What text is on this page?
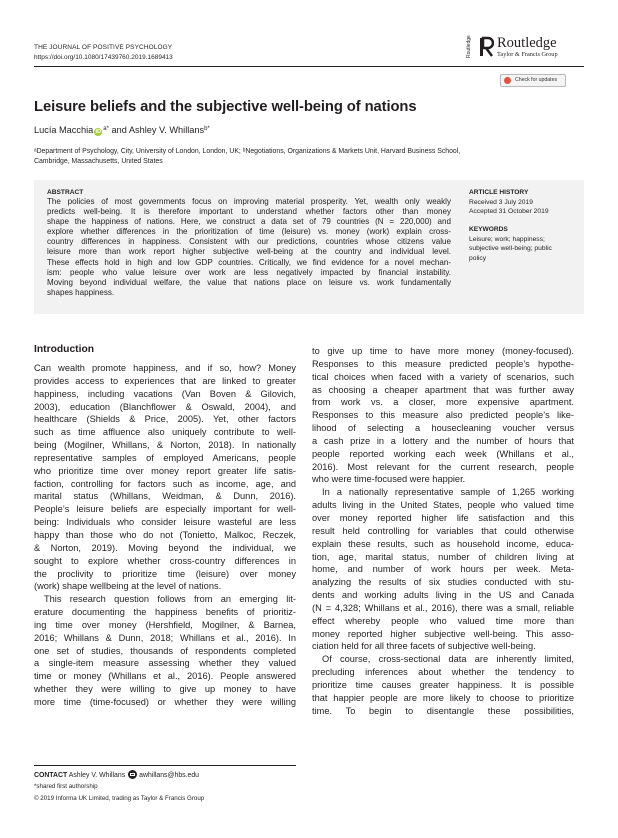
THE JOURNAL OF POSITIVE PSYCHOLOGY
https://doi.org/10.1080/17439760.2019.1689413	Routledge Routledge
Taylor & Francis Group
Check for updates
Leisure beliefs and the subjective well-being of nations
Lucía Macchia iD $^{a*}$ and Ashley V. Whillans$^{b*}$
ᵃDepartment of Psychology, City, University of London, London, UK; ᵇNegotiations, Organizations & Markets Unit, Harvard Business School,
Cambridge, Massachusetts, United States
ABSTRACT
The policies of most governments focus on improving material prosperity. Yet, wealth only weakly
predicts well-being. It is therefore important to understand whether factors other than money
shape the happiness of nations. Here, we construct a data set of 79 countries (N = 220,000) and
explore whether differences in the prioritization of time (leisure) vs. money (work) explain cross-
country differences in happiness. Consistent with our predictions, countries whose citizens value
leisure more than work report higher subjective well-being at the country and individual level.
These effects hold in high and low GDP countries. Critically, we find evidence for a novel mechan-
ism: people who value leisure over work are less negatively impacted by financial instability.
Moving beyond individual welfare, the value that nations place on leisure vs. work fundamentally
shapes happiness.
ARTICLE HISTORY
Received 3 July 2019
Accepted 31 October 2019
KEYWORDS
Leisure; work; happiness;
subjective well-being; public
policy
Introduction
Can wealth promote happiness, and if so, how? Money
provides access to experiences that are linked to greater
happiness, including vacations (Van Boven & Gilovich,
2003), education (Blanchflower & Oswald, 2004), and
healthcare (Shields & Price, 2005). Yet, other factors
such as time affluence also uniquely contribute to well-
being (Mogilner, Whillans, & Norton, 2018). In nationally
representative samples of employed Americans, people
who prioritize time over money report greater life satis-
faction, controlling for factors such as income, age, and
marital status (Whillans, Weidman, & Dunn, 2016).
People’s leisure beliefs are especially important for well-
being: Individuals who consider leisure wasteful are less
happy than those who do not (Tonietto, Malkoc, Reczek,
& Norton, 2019). Moving beyond the individual, we
sought to explore whether cross-country differences in
the proclivity to prioritize time (leisure) over money
(work) shape wellbeing at the level of nations.
This research question follows from an emerging lit-
erature documenting the happiness benefits of prioritiz-
ing time over money (Hershfield, Mogilner, & Barnea,
2016; Whillans & Dunn, 2018; Whillans et al., 2016). In
one set of studies, thousands of respondents completed
a single-item measure assessing whether they valued
time or money (Whillans et al., 2016). People answered
whether they were willing to give up money to have
more time (time-focused) or whether they were willing
to give up time to have more money (money-focused).
Responses to this measure predicted people’s hypothe-
tical choices when faced with a variety of scenarios, such
as choosing a cheaper apartment that was further away
from work vs. a closer, more expensive apartment.
Responses to this measure also predicted people’s like-
lihood of selecting a housecleaning voucher versus
a cash prize in a lottery and the number of hours that
people reported working each week (Whillans et al.,
2016). Most relevant for the current research, people
who were time-focused were happier.
In a nationally representative sample of 1,265 working
adults living in the United States, people who valued time
over money reported higher life satisfaction and this
result held controlling for variables that could otherwise
explain these results, such as household income, educa-
tion, age, marital status, number of children living at
home, and number of work hours per week. Meta-
analyzing the results of six studies conducted with stu-
dents and working adults living in the US and Canada
(N = 4,328; Whillans et al., 2016), there was a small, reliable
effect whereby people who valued time more than
money reported higher subjective well-being. This asso-
ciation held for all three facets of subjective well-being.
Of course, cross-sectional data are inherently limited,
precluding inferences about whether the tendency to
prioritize time causes greater happiness. It is possible
that happier people are more likely to choose to prioritize
time. To begin to disentangle these possibilities,
CONTACT Ashley V. Whillans awhillans@hbs.edu
*shared first authorship
© 2019 Informa UK Limited, trading as Taylor & Francis Group
